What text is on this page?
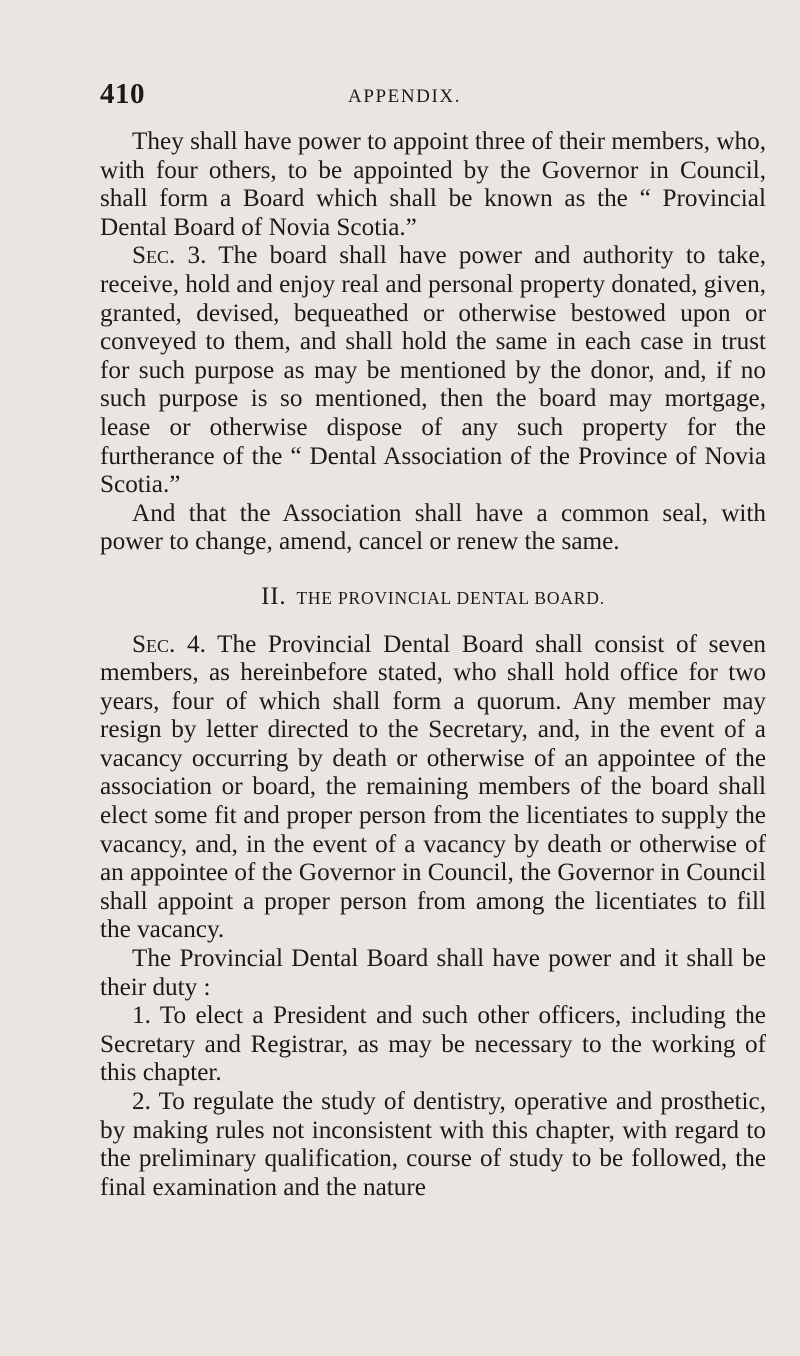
410	APPENDIX.

They shall have power to appoint three of their members, who, with four others, to be appointed by the Governor in Council, shall form a Board which shall be known as the “ Provincial Dental Board of Novia Scotia.”

Sec. 3. The board shall have power and authority to take, receive, hold and enjoy real and personal property donated, given, granted, devised, bequeathed or otherwise bestowed upon or conveyed to them, and shall hold the same in each case in trust for such purpose as may be mentioned by the donor, and, if no such purpose is so mentioned, then the board may mortgage, lease or otherwise dispose of any such property for the furtherance of the “ Dental Association of the Province of Novia Scotia.”

And that the Association shall have a common seal, with power to change, amend, cancel or renew the same.

II. THE PROVINCIAL DENTAL BOARD.

Sec. 4. The Provincial Dental Board shall consist of seven members, as hereinbefore stated, who shall hold office for two years, four of which shall form a quorum. Any member may resign by letter directed to the Secretary, and, in the event of a vacancy occurring by death or otherwise of an appointee of the association or board, the remaining members of the board shall elect some fit and proper person from the licentiates to supply the vacancy, and, in the event of a vacancy by death or otherwise of an appointee of the Governor in Council, the Governor in Council shall appoint a proper person from among the licentiates to fill the vacancy.

The Provincial Dental Board shall have power and it shall be their duty :

1. To elect a President and such other officers, including the Secretary and Registrar, as may be necessary to the working of this chapter.

2. To regulate the study of dentistry, operative and prosthetic, by making rules not inconsistent with this chapter, with regard to the preliminary qualification, course of study to be followed, the final examination and the nature
